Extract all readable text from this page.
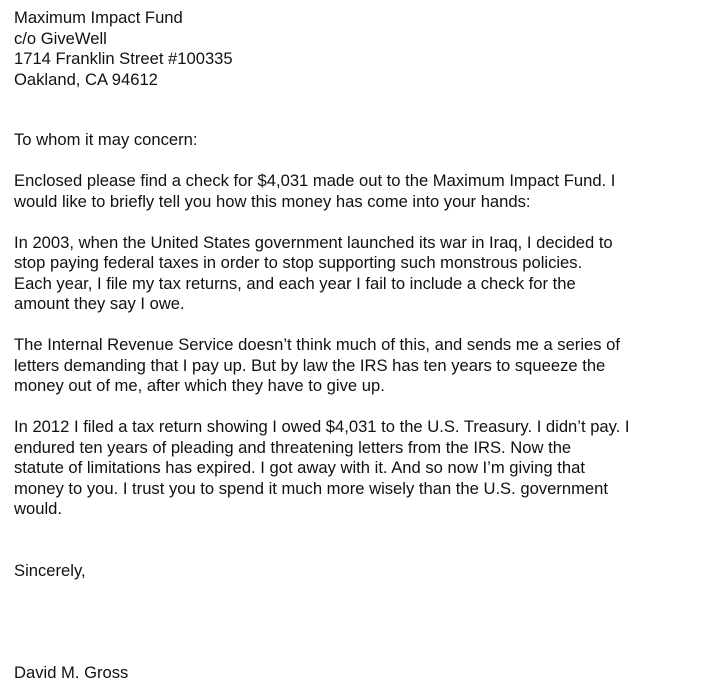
Maximum Impact Fund
c/o GiveWell
1714 Franklin Street #100335
Oakland, CA 94612
To whom it may concern:
Enclosed please find a check for $4,031 made out to the Maximum Impact Fund. I
would like to briefly tell you how this money has come into your hands:
In 2003, when the United States government launched its war in Iraq, I decided to
stop paying federal taxes in order to stop supporting such monstrous policies.
Each year, I file my tax returns, and each year I fail to include a check for the
amount they say I owe.
The Internal Revenue Service doesn’t think much of this, and sends me a series of
letters demanding that I pay up. But by law the IRS has ten years to squeeze the
money out of me, after which they have to give up.
In 2012 I filed a tax return showing I owed $4,031 to the U.S. Treasury. I didn’t pay. I
endured ten years of pleading and threatening letters from the IRS. Now the
statute of limitations has expired. I got away with it. And so now I’m giving that
money to you. I trust you to spend it much more wisely than the U.S. government
would.
Sincerely,
David M. Gross
